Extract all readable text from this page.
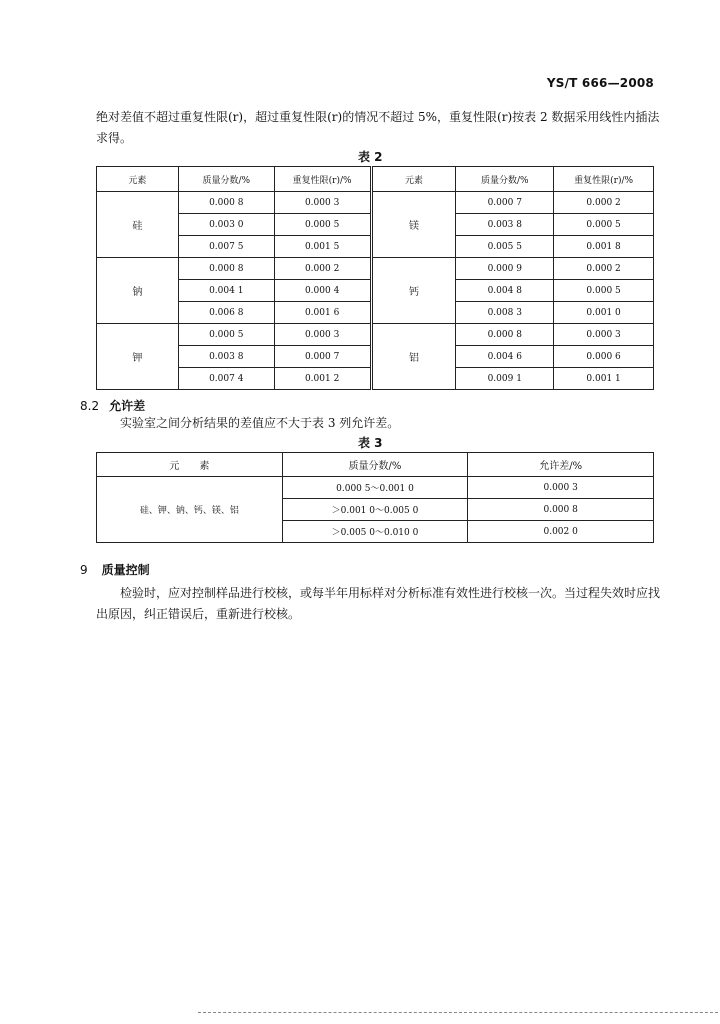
YS/T 666—2008
绝对差值不超过重复性限(r)，超过重复性限(r)的情况不超过 5%，重复性限(r)按表 2 数据采用线性内插法求得。
表 2
元素	质量分数/%	重复性限(r)/%	元素	质量分数/%	重复性限(r)/%
硅	0.000 8	0.000 3	镁	0.000 7	0.000 2
	0.003 0	0.000 5		0.003 8	0.000 5
	0.007 5	0.001 5		0.005 5	0.001 8
钠	0.000 8	0.000 2	钙	0.000 9	0.000 2
	0.004 1	0.000 4		0.004 8	0.000 5
	0.006 8	0.001 6		0.008 3	0.001 0
钾	0.000 5	0.000 3	铝	0.000 8	0.000 3
	0.003 8	0.000 7		0.004 6	0.000 6
	0.007 4	0.001 2		0.009 1	0.001 1
8.2 允许差
实验室之间分析结果的差值应不大于表 3 列允许差。
表 3
元　　素	质量分数/%	允许差/%
硅、钾、钠、钙、镁、铝	0.000 5～0.001 0	0.000 3
	＞0.001 0～0.005 0	0.000 8
	＞0.005 0～0.010 0	0.002 0
9 质量控制
检验时，应对控制样品进行校核，或每半年用标样对分析标准有效性进行校核一次。当过程失效时应找出原因，纠正错误后，重新进行校核。
